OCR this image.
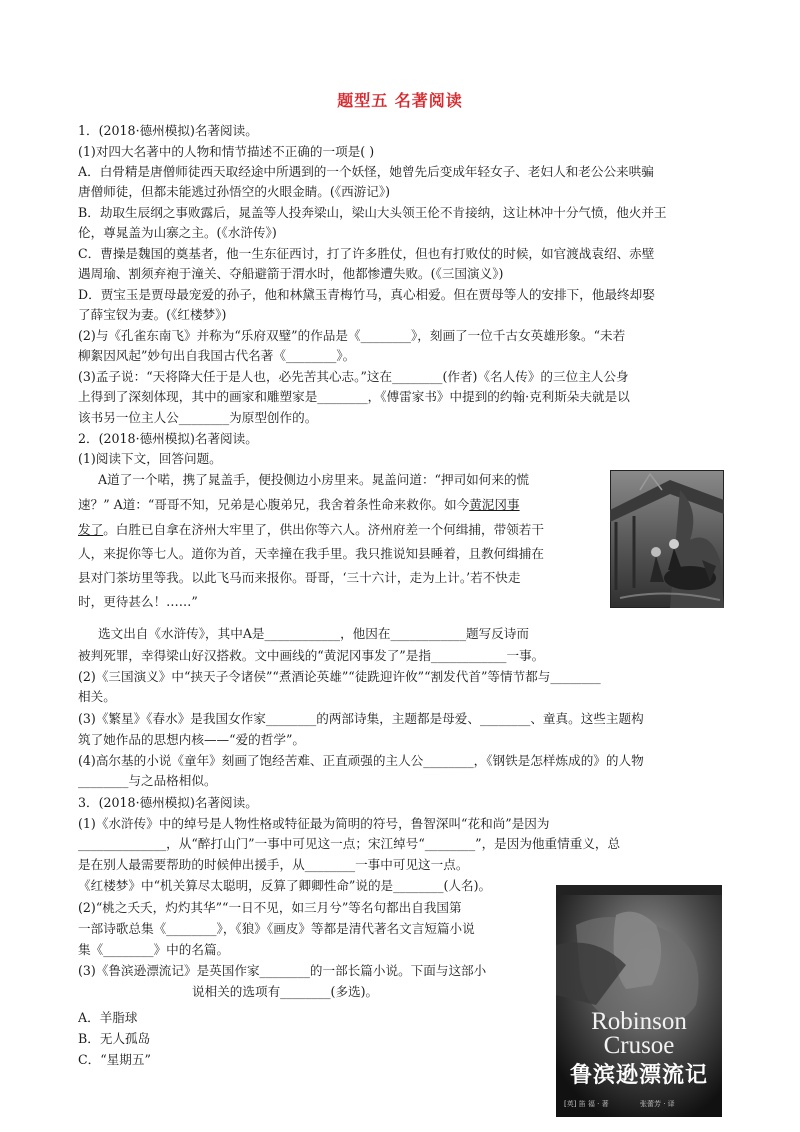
题型五 名著阅读
1．(2018·德州模拟)名著阅读。
(1)对四大名著中的人物和情节描述不正确的一项是( )
A．白骨精是唐僧师徒西天取经途中所遇到的一个妖怪，她曾先后变成年轻女子、老妇人和老公公来哄骗
唐僧师徒，但都未能逃过孙悟空的火眼金睛。(《西游记》)
B．劫取生辰纲之事败露后，晁盖等人投奔梁山，梁山大头领王伦不肯接纳，这让林冲十分气愤，他火并王
伦，尊晁盖为山寨之主。(《水浒传》)
C．曹操是魏国的奠基者，他一生东征西讨，打了许多胜仗，但也有打败仗的时候，如官渡战袁绍、赤壁
遇周瑜、割须弃袍于潼关、夺船避箭于渭水时，他都惨遭失败。(《三国演义》)
D．贾宝玉是贾母最宠爱的孙子，他和林黛玉青梅竹马，真心相爱。但在贾母等人的安排下，他最终却娶
了薛宝钗为妻。(《红楼梦》)
(2)与《孔雀东南飞》并称为“乐府双璧”的作品是《________》，刻画了一位千古女英雄形象。“未若
柳絮因风起”妙句出自我国古代名著《________》。
(3)孟子说：“天将降大任于是人也，必先苦其心志。”这在________(作者)《名人传》的三位主人公身
上得到了深刻体现，其中的画家和雕塑家是________，《傅雷家书》中提到的约翰·克利斯朵夫就是以
该书另一位主人公________为原型创作的。
2．(2018·德州模拟)名著阅读。
(1)阅读下文，回答问题。
A道了一个喏，携了晁盖手，便投侧边小房里来。晁盖问道：“押司如何来的慌
速？” A道：“哥哥不知，兄弟是心腹弟兄，我舍着条性命来救你。如今黄泥冈事
发了。白胜已自拿在济州大牢里了，供出你等六人。济州府差一个何缉捕，带领若干
人，来捉你等七人。道你为首，天幸撞在我手里。我只推说知县睡着，且教何缉捕在
县对门茶坊里等我。以此飞马而来报你。哥哥，‘三十六计，走为上计。’若不快走
时，更待甚么！……”
选文出自《水浒传》，其中A是____________，他因在____________题写反诗而
被判死罪，幸得梁山好汉搭救。文中画线的“黄泥冈事发了”是指____________一事。
(2)《三国演义》中“挟天子令诸侯”“煮酒论英雄”“徒跣迎许攸”“割发代首”等情节都与________
相关。
(3)《繁星》《春水》是我国女作家________的两部诗集，主题都是母爱、________、童真。这些主题构
筑了她作品的思想内核——“爱的哲学”。
(4)高尔基的小说《童年》刻画了饱经苦难、正直顽强的主人公________，《钢铁是怎样炼成的》的人物
________与之品格相似。
3．(2018·德州模拟)名著阅读。
(1)《水浒传》中的绰号是人物性格或特征最为简明的符号，鲁智深叫“花和尚”是因为
______________，从“醉打山门”一事中可见这一点；宋江绰号“________”，是因为他重情重义，总
是在别人最需要帮助的时候伸出援手，从________一事中可见这一点。
《红楼梦》中“机关算尽太聪明，反算了卿卿性命”说的是________(人名)。
(2)“桃之夭夭，灼灼其华”“一日不见，如三月兮”等名句都出自我国第
一部诗歌总集《________》，《狼》《画皮》等都是清代著名文言短篇小说
集《________》中的名篇。
(3)《鲁滨逊漂流记》是英国作家________的一部长篇小说。下面与这部小
说相关的选项有________(多选)。
A．羊脂球
B．无人孤岛
C．“星期五”
Robinson
Crusoe
鲁滨逊漂流记
[英] 笛 福 · 著	张蕾芳 · 译
